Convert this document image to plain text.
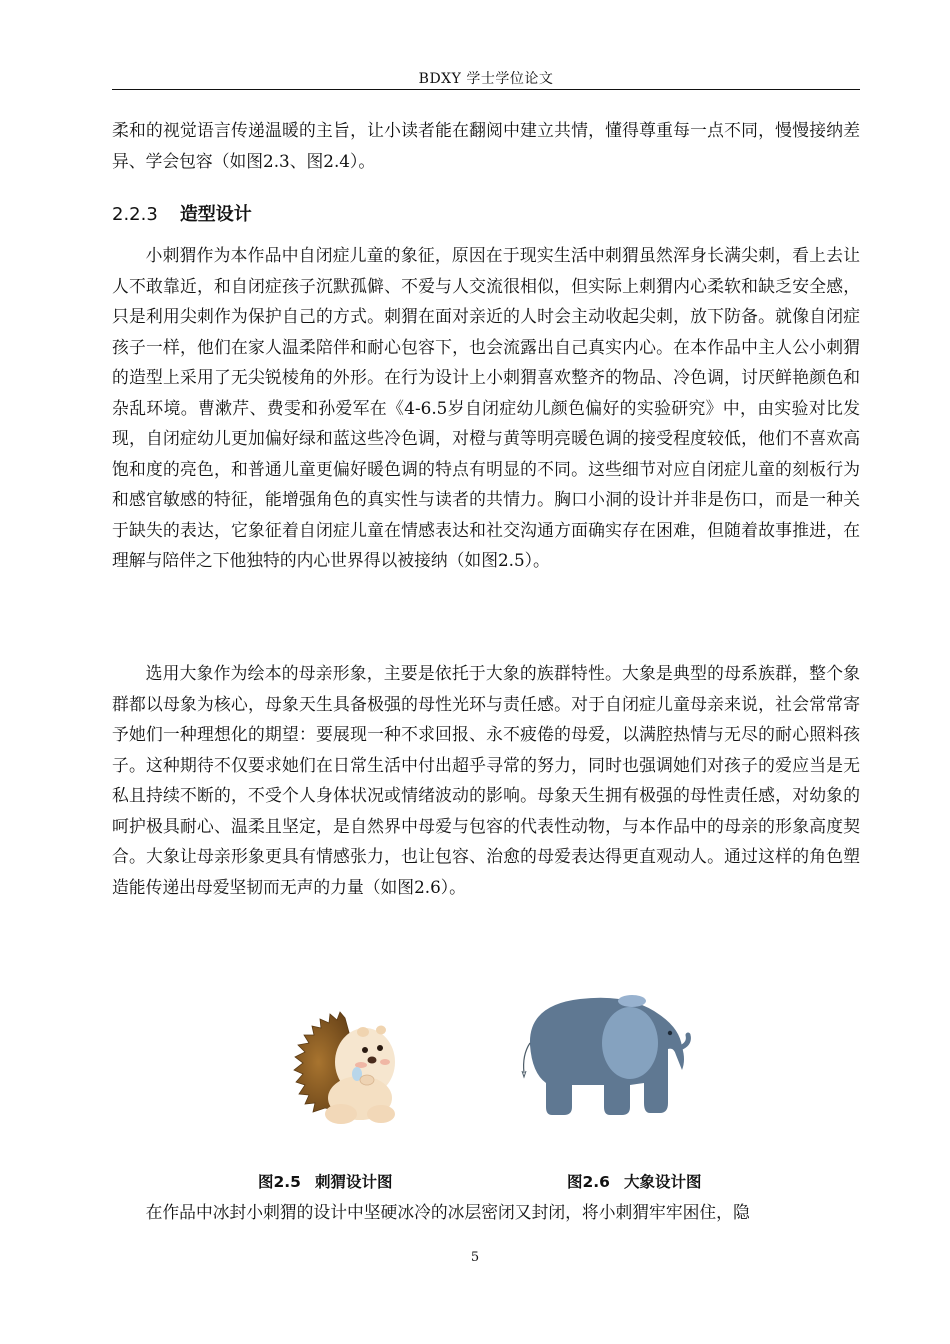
BDXY 学士学位论文

柔和的视觉语言传递温暖的主旨，让小读者能在翻阅中建立共情，懂得尊重每一点不同，慢慢接纳差异、学会包容（如图2.3、图2.4）。

2.2.3 造型设计

小刺猬作为本作品中自闭症儿童的象征，原因在于现实生活中刺猬虽然浑身长满尖刺，看上去让人不敢靠近，和自闭症孩子沉默孤僻、不爱与人交流很相似，但实际上刺猬内心柔软和缺乏安全感，只是利用尖刺作为保护自己的方式。刺猬在面对亲近的人时会主动收起尖刺，放下防备。就像自闭症孩子一样，他们在家人温柔陪伴和耐心包容下，也会流露出自己真实内心。在本作品中主人公小刺猬的造型上采用了无尖锐棱角的外形。在行为设计上小刺猬喜欢整齐的物品、冷色调，讨厌鲜艳颜色和杂乱环境。曹漱芹、费雯和孙爱军在《4-6.5岁自闭症幼儿颜色偏好的实验研究》中，由实验对比发现，自闭症幼儿更加偏好绿和蓝这些冷色调，对橙与黄等明亮暖色调的接受程度较低，他们不喜欢高饱和度的亮色，和普通儿童更偏好暖色调的特点有明显的不同。这些细节对应自闭症儿童的刻板行为和感官敏感的特征，能增强角色的真实性与读者的共情力。胸口小洞的设计并非是伤口，而是一种关于缺失的表达，它象征着自闭症儿童在情感表达和社交沟通方面确实存在困难，但随着故事推进，在理解与陪伴之下他独特的内心世界得以被接纳（如图2.5）。

选用大象作为绘本的母亲形象，主要是依托于大象的族群特性。大象是典型的母系族群，整个象群都以母象为核心，母象天生具备极强的母性光环与责任感。对于自闭症儿童母亲来说，社会常常寄予她们一种理想化的期望：要展现一种不求回报、永不疲倦的母爱，以满腔热情与无尽的耐心照料孩子。这种期待不仅要求她们在日常生活中付出超乎寻常的努力，同时也强调她们对孩子的爱应当是无私且持续不断的，不受个人身体状况或情绪波动的影响。母象天生拥有极强的母性责任感，对幼象的呵护极具耐心、温柔且坚定，是自然界中母爱与包容的代表性动物，与本作品中的母亲的形象高度契合。大象让母亲形象更具有情感张力，也让包容、治愈的母爱表达得更直观动人。通过这样的角色塑造能传递出母爱坚韧而无声的力量（如图2.6）。

图2.5 刺猬设计图	图2.6 大象设计图

在作品中冰封小刺猬的设计中坚硬冰冷的冰层密闭又封闭，将小刺猬牢牢困住，隐

5
